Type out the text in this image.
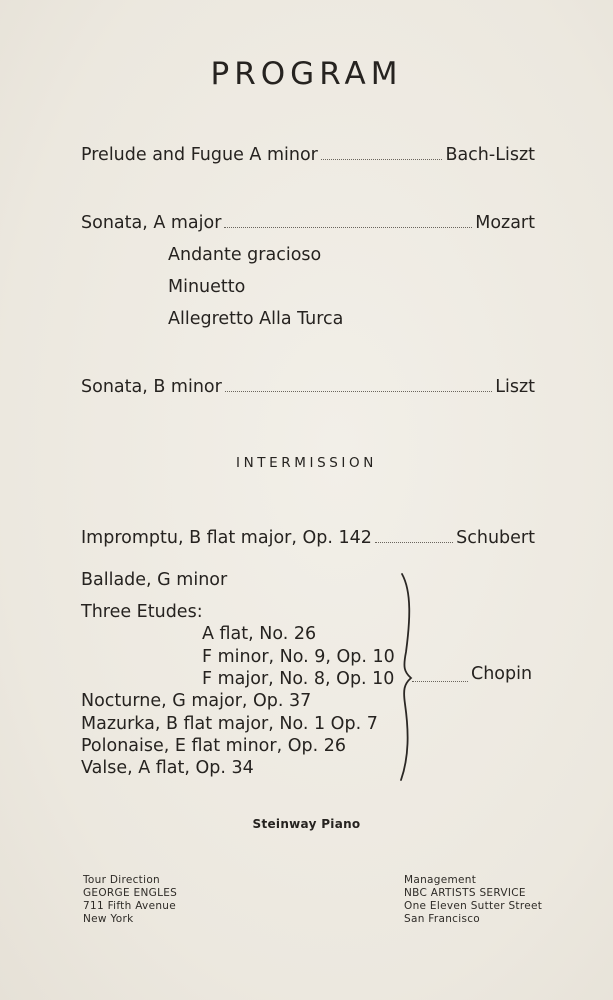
PROGRAM
Prelude and Fugue A minor	Bach-Liszt
Sonata, A major	Mozart
Andante gracioso
Minuetto
Allegretto Alla Turca
Sonata, B minor	Liszt
INTERMISSION
Impromptu, B flat major, Op. 142	Schubert
Ballade, G minor
Three Etudes:
A flat, No. 26
F minor, No. 9, Op. 10
F major, No. 8, Op. 10
Nocturne, G major, Op. 37
Mazurka, B flat major, No. 1 Op. 7
Polonaise, E flat minor, Op. 26
Valse, A flat, Op. 34
Chopin
Steinway Piano
Tour Direction
GEORGE ENGLES
711 Fifth Avenue
New York
Management
NBC ARTISTS SERVICE
One Eleven Sutter Street
San Francisco
